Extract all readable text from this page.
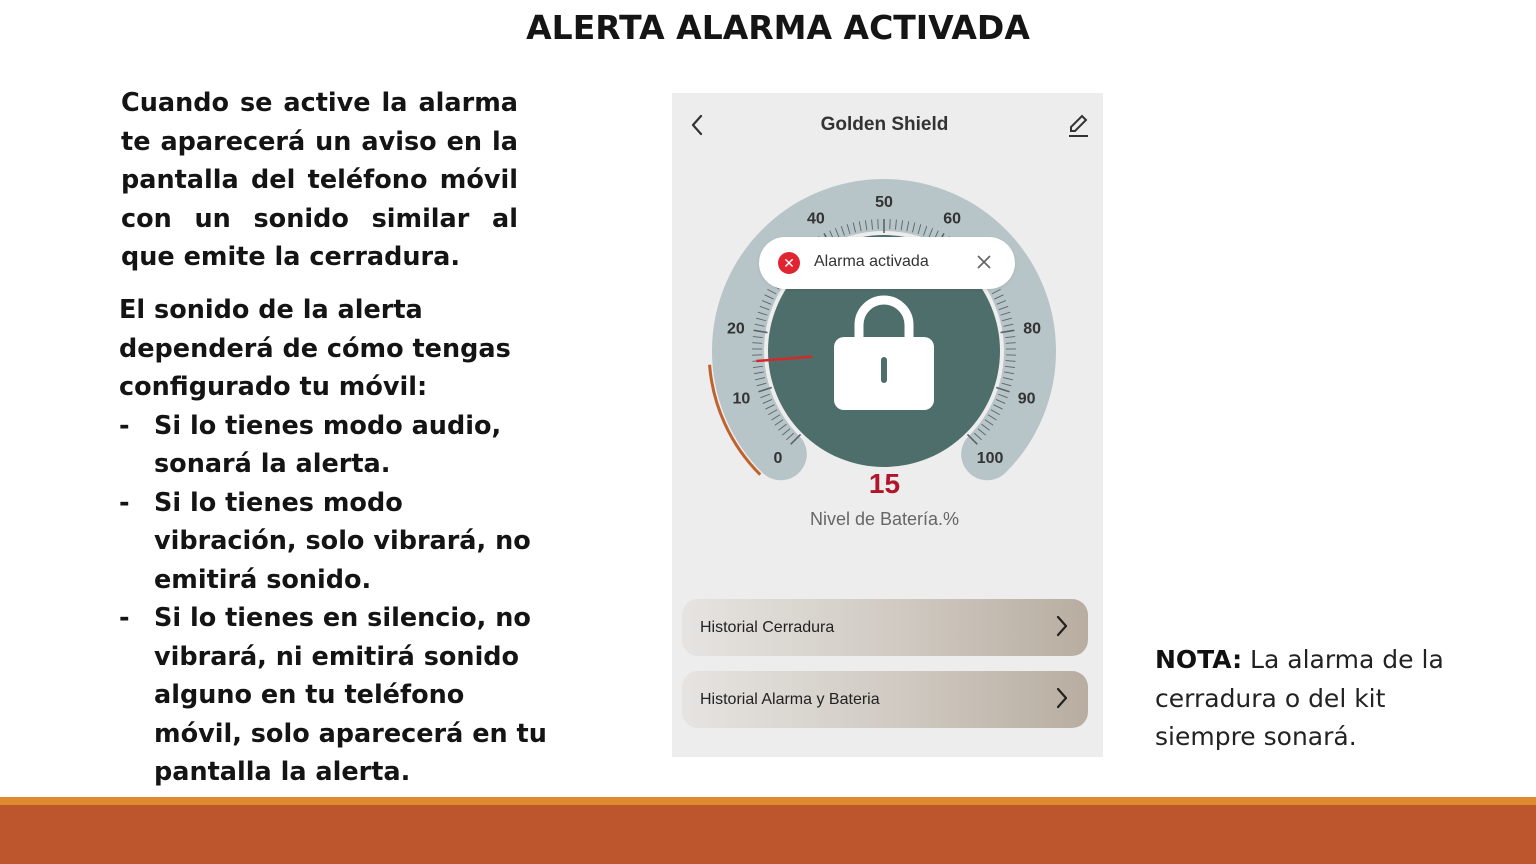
ALERTA ALARMA ACTIVADA

Cuando se active la alarma te aparecerá un aviso en la pantalla del teléfono móvil con un sonido similar al que emite la cerradura.

El sonido de la alerta dependerá de cómo tengas configurado tu móvil:
- Si lo tienes modo audio, sonará la alerta.
- Si lo tienes modo vibración, solo vibrará, no emitirá sonido.
- Si lo tienes en silencio, no vibrará, ni emitirá sonido alguno en tu teléfono móvil, solo aparecerá en tu pantalla la alerta.

NOTA: La alarma de la cerradura o del kit siempre sonará.

Golden Shield
0
10
20
40
50
60
80
90
100
✕	Alarma activada
15
Nivel de Batería.%
Historial Cerradura
Historial Alarma y Bateria
